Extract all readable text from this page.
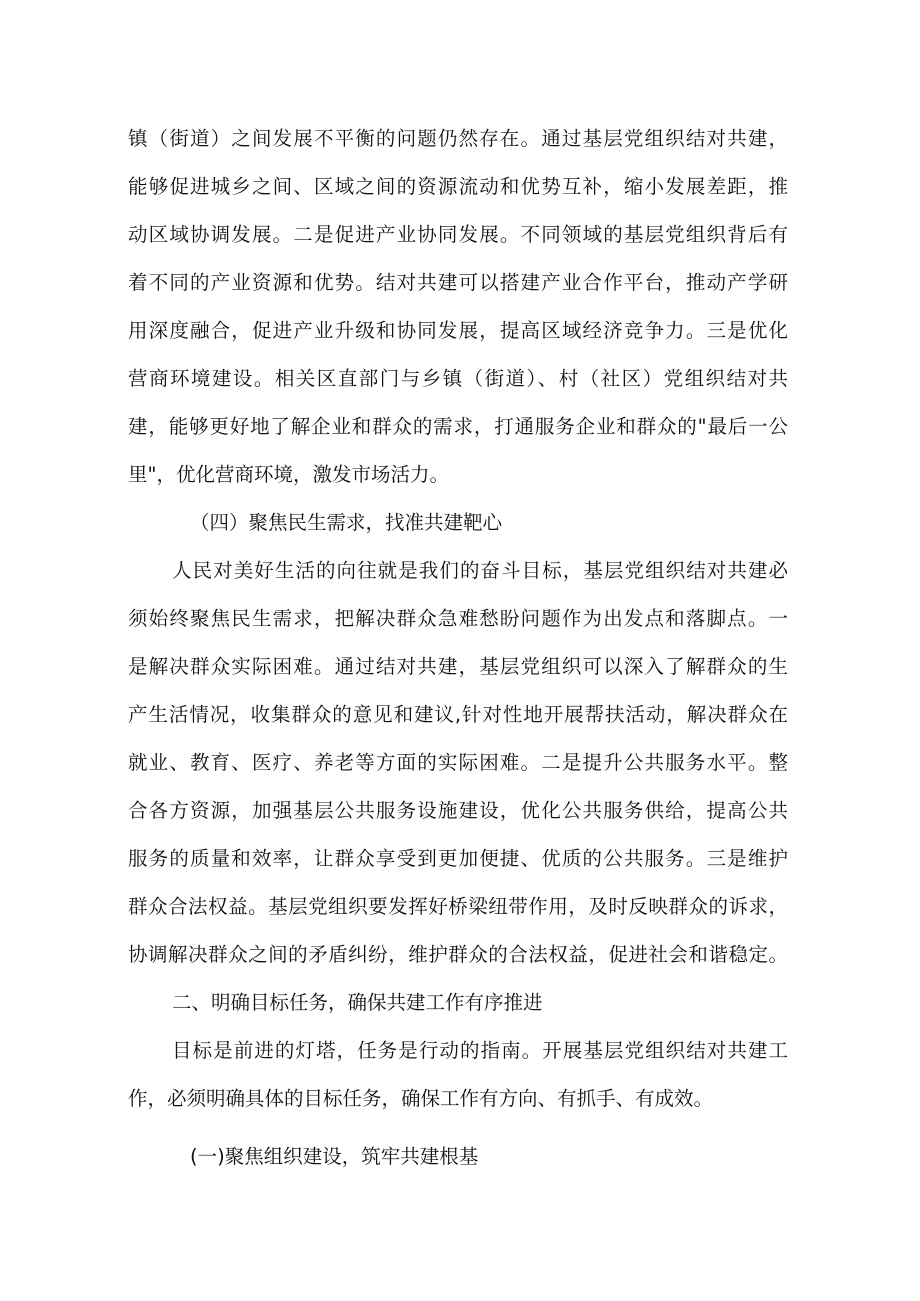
镇（街道）之间发展不平衡的问题仍然存在。通过基层党组织结对共建，
能够促进城乡之间、区域之间的资源流动和优势互补，缩小发展差距，推
动区域协调发展。二是促进产业协同发展。不同领域的基层党组织背后有
着不同的产业资源和优势。结对共建可以搭建产业合作平台，推动产学研
用深度融合，促进产业升级和协同发展，提高区域经济竞争力。三是优化
营商环境建设。相关区直部门与乡镇（街道）、村（社区）党组织结对共
建，能够更好地了解企业和群众的需求，打通服务企业和群众的"最后一公
里"，优化营商环境，激发市场活力。
（四）聚焦民生需求，找准共建靶心
人民对美好生活的向往就是我们的奋斗目标，基层党组织结对共建必
须始终聚焦民生需求，把解决群众急难愁盼问题作为出发点和落脚点。一
是解决群众实际困难。通过结对共建，基层党组织可以深入了解群众的生
产生活情况，收集群众的意见和建议,针对性地开展帮扶活动，解决群众在
就业、教育、医疗、养老等方面的实际困难。二是提升公共服务水平。整
合各方资源，加强基层公共服务设施建设，优化公共服务供给，提高公共
服务的质量和效率，让群众享受到更加便捷、优质的公共服务。三是维护
群众合法权益。基层党组织要发挥好桥梁纽带作用，及时反映群众的诉求，
协调解决群众之间的矛盾纠纷，维护群众的合法权益，促进社会和谐稳定。
二、明确目标任务，确保共建工作有序推进
目标是前进的灯塔，任务是行动的指南。开展基层党组织结对共建工
作，必须明确具体的目标任务，确保工作有方向、有抓手、有成效。
(一)聚焦组织建设，筑牢共建根基
